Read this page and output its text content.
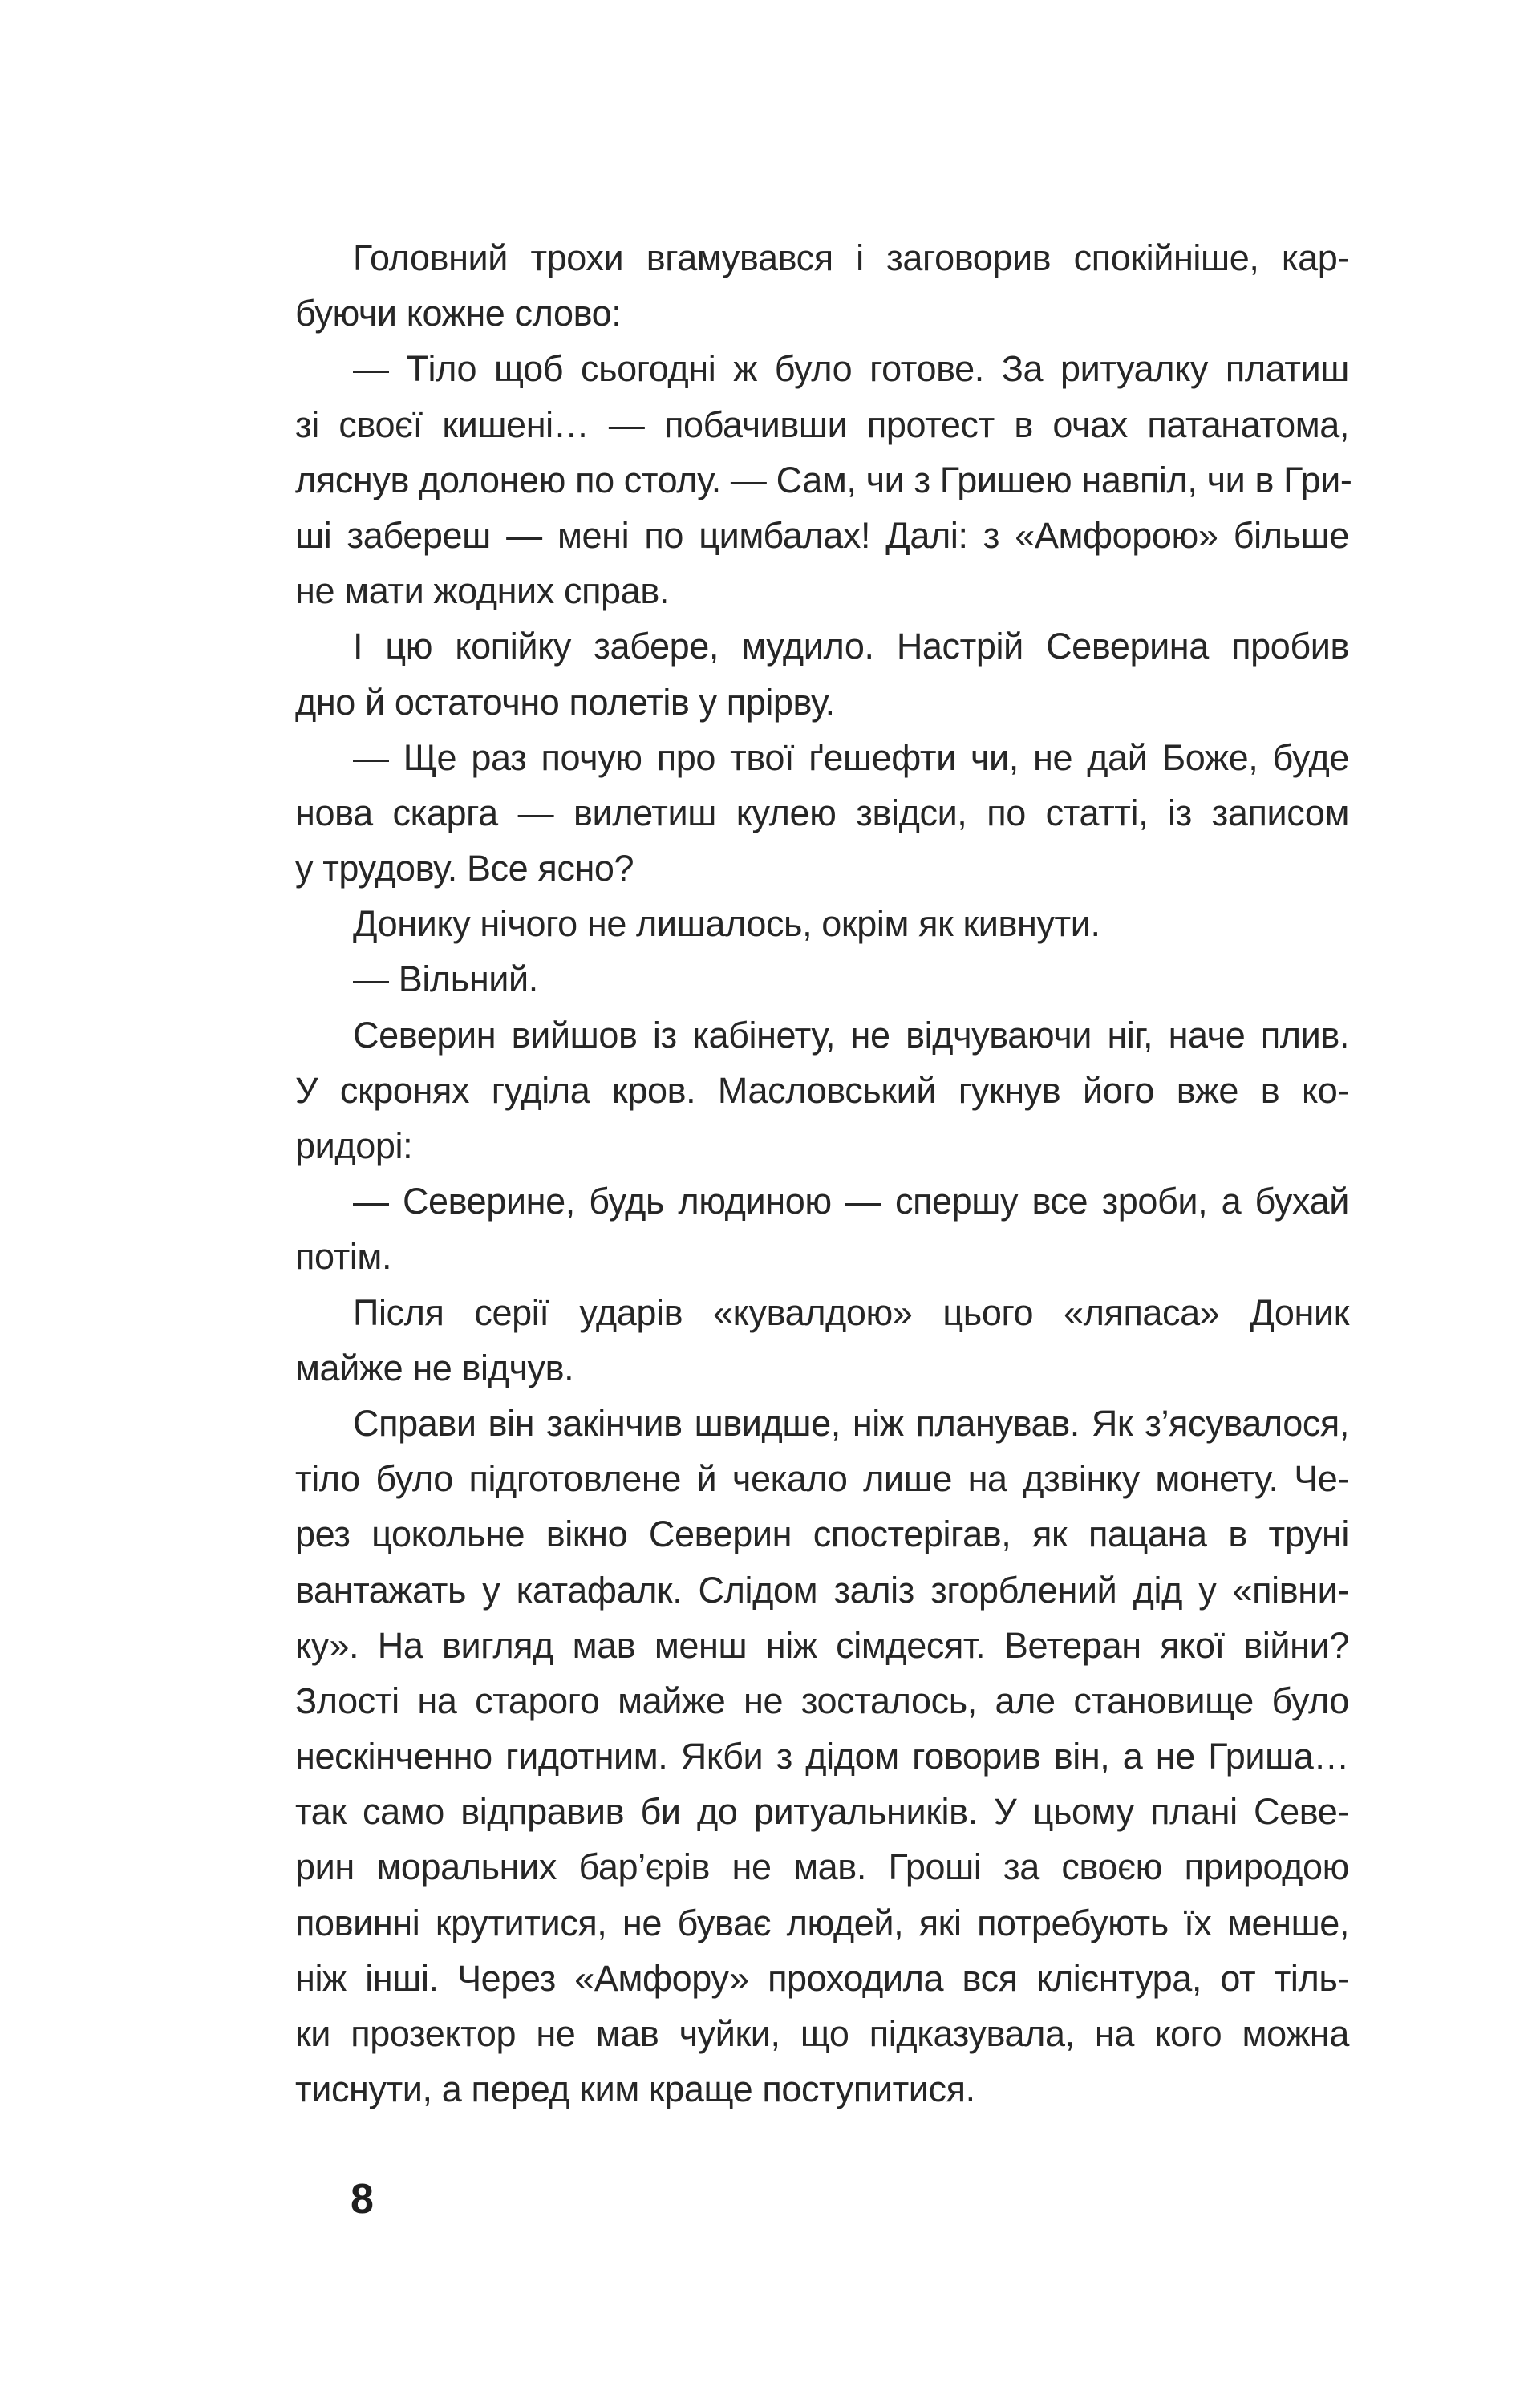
Головний трохи вгамувався і заговорив спокійніше, кар-
буючи кожне слово:
— Тіло щоб сьогодні ж було готове. За ритуалку платиш
зі своєї кишені… — побачивши протест в очах патанатома,
ляснув долонею по столу. — Сам, чи з Гришею навпіл, чи в Гри-
ші забереш — мені по цимбалах! Далі: з «Амфорою» більше
не мати жодних справ.
І цю копійку забере, мудило. Настрій Северина пробив
дно й остаточно полетів у прірву.
— Ще раз почую про твої ґешефти чи, не дай Боже, буде
нова скарга — вилетиш кулею звідси, по статті, із записом
у трудову. Все ясно?
Донику нічого не лишалось, окрім як кивнути.
— Вільний.
Северин вийшов із кабінету, не відчуваючи ніг, наче плив.
У скронях гуділа кров. Масловський гукнув його вже в ко-
ридорі:
— Северине, будь людиною — спершу все зроби, а бухай
потім.
Після серії ударів «кувалдою» цього «ляпаса» Доник
майже не відчув.
Справи він закінчив швидше, ніж планував. Як з’ясувалося,
тіло було підготовлене й чекало лише на дзвінку монету. Че-
рез цокольне вікно Северин спостерігав, як пацана в труні
вантажать у катафалк. Слідом заліз згорблений дід у «півни-
ку». На вигляд мав менш ніж сімдесят. Ветеран якої війни?
Злості на старого майже не зосталось, але становище було
нескінченно гидотним. Якби з дідом говорив він, а не Гриша…
так само відправив би до ритуальників. У цьому плані Севе-
рин моральних бар’єрів не мав. Гроші за своєю природою
повинні крутитися, не буває людей, які потребують їх менше,
ніж інші. Через «Амфору» проходила вся клієнтура, от тіль-
ки прозектор не мав чуйки, що підказувала, на кого можна
тиснути, а перед ким краще поступитися.
8
